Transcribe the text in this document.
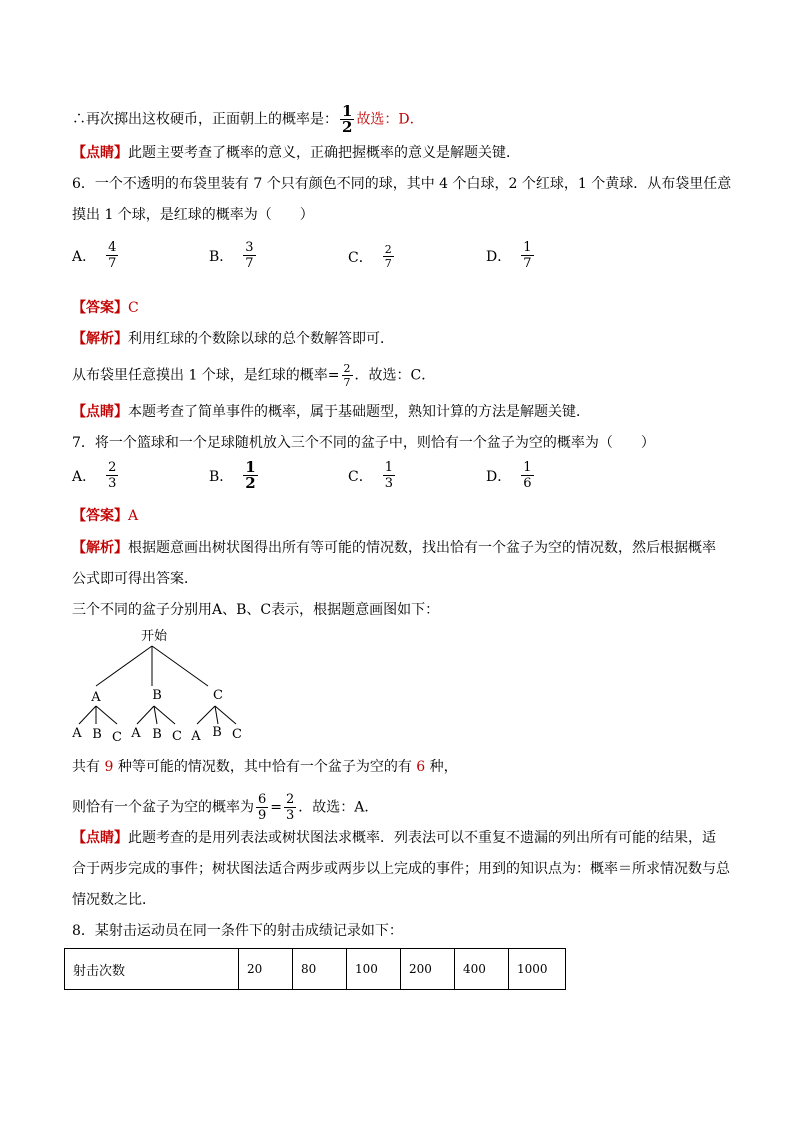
∴再次掷出这枚硬币，正面朝上的概率是： $\frac{1}{2}$ 故选：D．
【点睛】此题主要考查了概率的意义，正确把握概率的意义是解题关键．
6．一个不透明的布袋里装有 7 个只有颜色不同的球，其中 4 个白球，2 个红球，1 个黄球．从布袋里任意
摸出 1 个球，是红球的概率为（　　）
A． $\frac{4}{7}$	B． $\frac{3}{7}$	C． $\frac{2}{7}$	D． $\frac{1}{7}$
【答案】C
【解析】利用红球的个数除以球的总个数解答即可．
从布袋里任意摸出 1 个球，是红球的概率= $\frac{2}{7}$ ．故选：C．
【点睛】本题考查了简单事件的概率，属于基础题型，熟知计算的方法是解题关键．
7．将一个篮球和一个足球随机放入三个不同的盆子中，则恰有一个盆子为空的概率为（　　）
A． $\frac{2}{3}$	B． $\frac{1}{2}$	C． $\frac{1}{3}$	D． $\frac{1}{6}$
【答案】A
【解析】根据题意画出树状图得出所有等可能的情况数，找出恰有一个盆子为空的情况数，然后根据概率
公式即可得出答案．
三个不同的盆子分别用A、B、C表示，根据题意画图如下：
开始
A	B	C
A B C A B C A B C
共有 9 种等可能的情况数，其中恰有一个盆子为空的有 6 种，
则恰有一个盆子为空的概率为 $\frac{6}{9} = \frac{2}{3}$ ．故选：A．
【点睛】此题考查的是用列表法或树状图法求概率．列表法可以不重复不遗漏的列出所有可能的结果，适
合于两步完成的事件；树状图法适合两步或两步以上完成的事件；用到的知识点为：概率＝所求情况数与总
情况数之比．
8．某射击运动员在同一条件下的射击成绩记录如下：
射击次数	20	80	100	200	400	1000
